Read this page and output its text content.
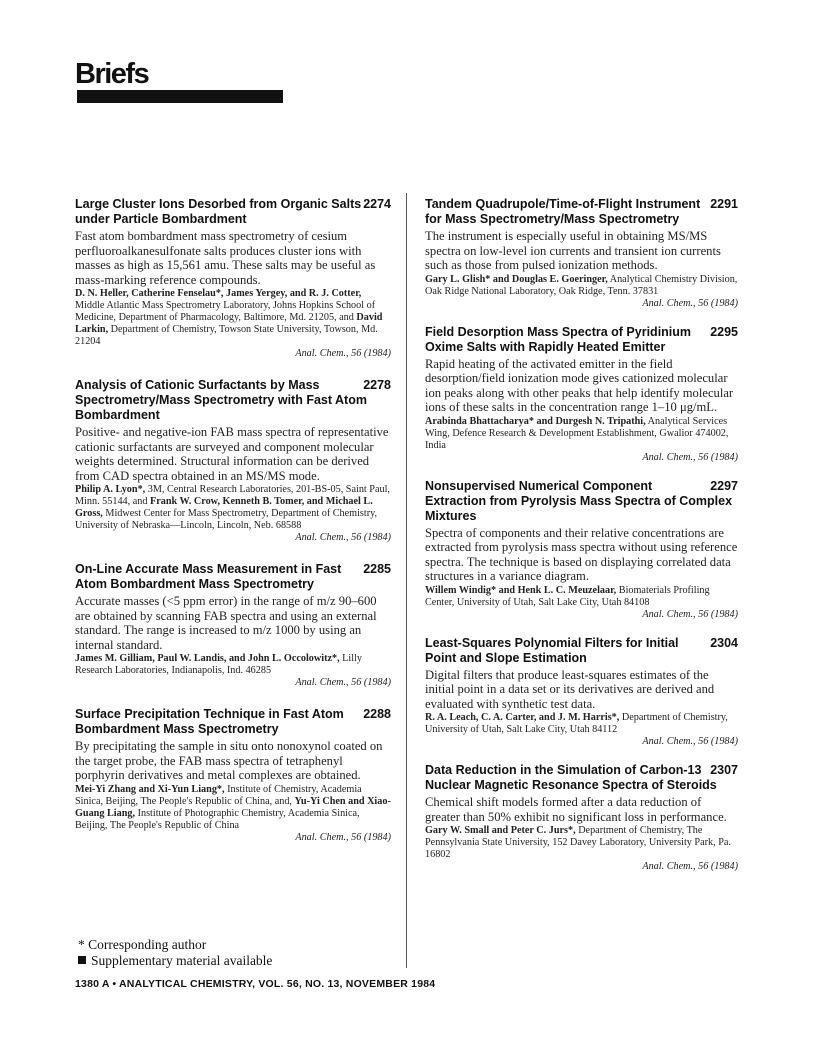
Briefs
2274
Large Cluster Ions Desorbed from Organic Salts under Particle Bombardment
Fast atom bombardment mass spectrometry of cesium perfluoroalkanesulfonate salts produces cluster ions with masses as high as 15,561 amu. These salts may be useful as mass-marking reference compounds.
D. N. Heller, Catherine Fenselau*, James Yergey, and R. J. Cotter, Middle Atlantic Mass Spectrometry Laboratory, Johns Hopkins School of Medicine, Department of Pharmacology, Baltimore, Md. 21205, and David Larkin, Department of Chemistry, Towson State University, Towson, Md. 21204
Anal. Chem., 56 (1984)
2278
Analysis of Cationic Surfactants by Mass Spectrometry/Mass Spectrometry with Fast Atom Bombardment
Positive- and negative-ion FAB mass spectra of representative cationic surfactants are surveyed and component molecular weights determined. Structural information can be derived from CAD spectra obtained in an MS/MS mode.
Philip A. Lyon*, 3M, Central Research Laboratories, 201-BS-05, Saint Paul, Minn. 55144, and Frank W. Crow, Kenneth B. Tomer, and Michael L. Gross, Midwest Center for Mass Spectrometry, Department of Chemistry, University of Nebraska—Lincoln, Lincoln, Neb. 68588
Anal. Chem., 56 (1984)
2285
On-Line Accurate Mass Measurement in Fast Atom Bombardment Mass Spectrometry
Accurate masses (<5 ppm error) in the range of m/z 90–600 are obtained by scanning FAB spectra and using an external standard. The range is increased to m/z 1000 by using an internal standard.
James M. Gilliam, Paul W. Landis, and John L. Occolowitz*, Lilly Research Laboratories, Indianapolis, Ind. 46285
Anal. Chem., 56 (1984)
2288
Surface Precipitation Technique in Fast Atom Bombardment Mass Spectrometry
By precipitating the sample in situ onto nonoxynol coated on the target probe, the FAB mass spectra of tetraphenyl porphyrin derivatives and metal complexes are obtained.
Mei-Yi Zhang and Xi-Yun Liang*, Institute of Chemistry, Academia Sinica, Beijing, The People's Republic of China, and, Yu-Yi Chen and Xiao-Guang Liang, Institute of Photographic Chemistry, Academia Sinica, Beijing, The People's Republic of China
Anal. Chem., 56 (1984)
2291
Tandem Quadrupole/Time-of-Flight Instrument for Mass Spectrometry/Mass Spectrometry
The instrument is especially useful in obtaining MS/MS spectra on low-level ion currents and transient ion currents such as those from pulsed ionization methods.
Gary L. Glish* and Douglas E. Goeringer, Analytical Chemistry Division, Oak Ridge National Laboratory, Oak Ridge, Tenn. 37831
Anal. Chem., 56 (1984)
2295
Field Desorption Mass Spectra of Pyridinium Oxime Salts with Rapidly Heated Emitter
Rapid heating of the activated emitter in the field desorption/field ionization mode gives cationized molecular ion peaks along with other peaks that help identify molecular ions of these salts in the concentration range 1–10 μg/mL.
Arabinda Bhattacharya* and Durgesh N. Tripathi, Analytical Services Wing, Defence Research & Development Establishment, Gwalior 474002, India
Anal. Chem., 56 (1984)
2297
Nonsupervised Numerical Component Extraction from Pyrolysis Mass Spectra of Complex Mixtures
Spectra of components and their relative concentrations are extracted from pyrolysis mass spectra without using reference spectra. The technique is based on displaying correlated data structures in a variance diagram.
Willem Windig* and Henk L. C. Meuzelaar, Biomaterials Profiling Center, University of Utah, Salt Lake City, Utah 84108
Anal. Chem., 56 (1984)
2304
Least-Squares Polynomial Filters for Initial Point and Slope Estimation
Digital filters that produce least-squares estimates of the initial point in a data set or its derivatives are derived and evaluated with synthetic test data.
R. A. Leach, C. A. Carter, and J. M. Harris*, Department of Chemistry, University of Utah, Salt Lake City, Utah 84112
Anal. Chem., 56 (1984)
2307
Data Reduction in the Simulation of Carbon-13 Nuclear Magnetic Resonance Spectra of Steroids
Chemical shift models formed after a data reduction of greater than 50% exhibit no significant loss in performance.
Gary W. Small and Peter C. Jurs*, Department of Chemistry, The Pennsylvania State University, 152 Davey Laboratory, University Park, Pa. 16802
Anal. Chem., 56 (1984)
* Corresponding author
Supplementary material available
1380 A • ANALYTICAL CHEMISTRY, VOL. 56, NO. 13, NOVEMBER 1984
